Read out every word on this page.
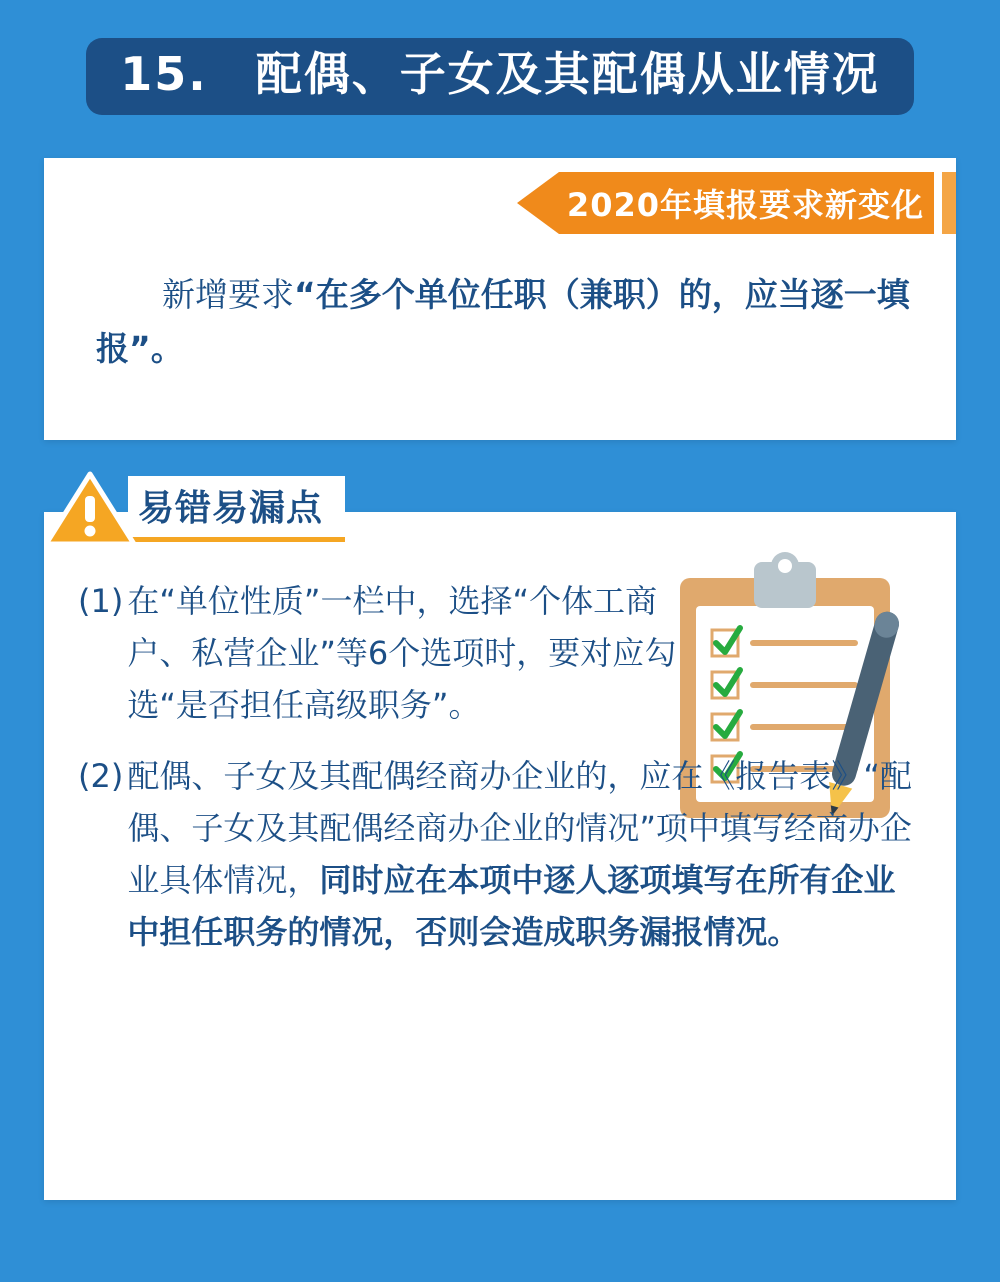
15.　配偶、子女及其配偶从业情况
2020年填报要求新变化
新增要求“在多个单位任职（兼职）的，应当逐一填报”。
易错易漏点
(1) 在“单位性质”一栏中，选择“个体工商户、私营企业”等6个选项时，要对应勾选“是否担任高级职务”。
(2) 配偶、子女及其配偶经商办企业的，应在《报告表》“配偶、子女及其配偶经商办企业的情况”项中填写经商办企业具体情况，同时应在本项中逐人逐项填写在所有企业中担任职务的情况，否则会造成职务漏报情况。
